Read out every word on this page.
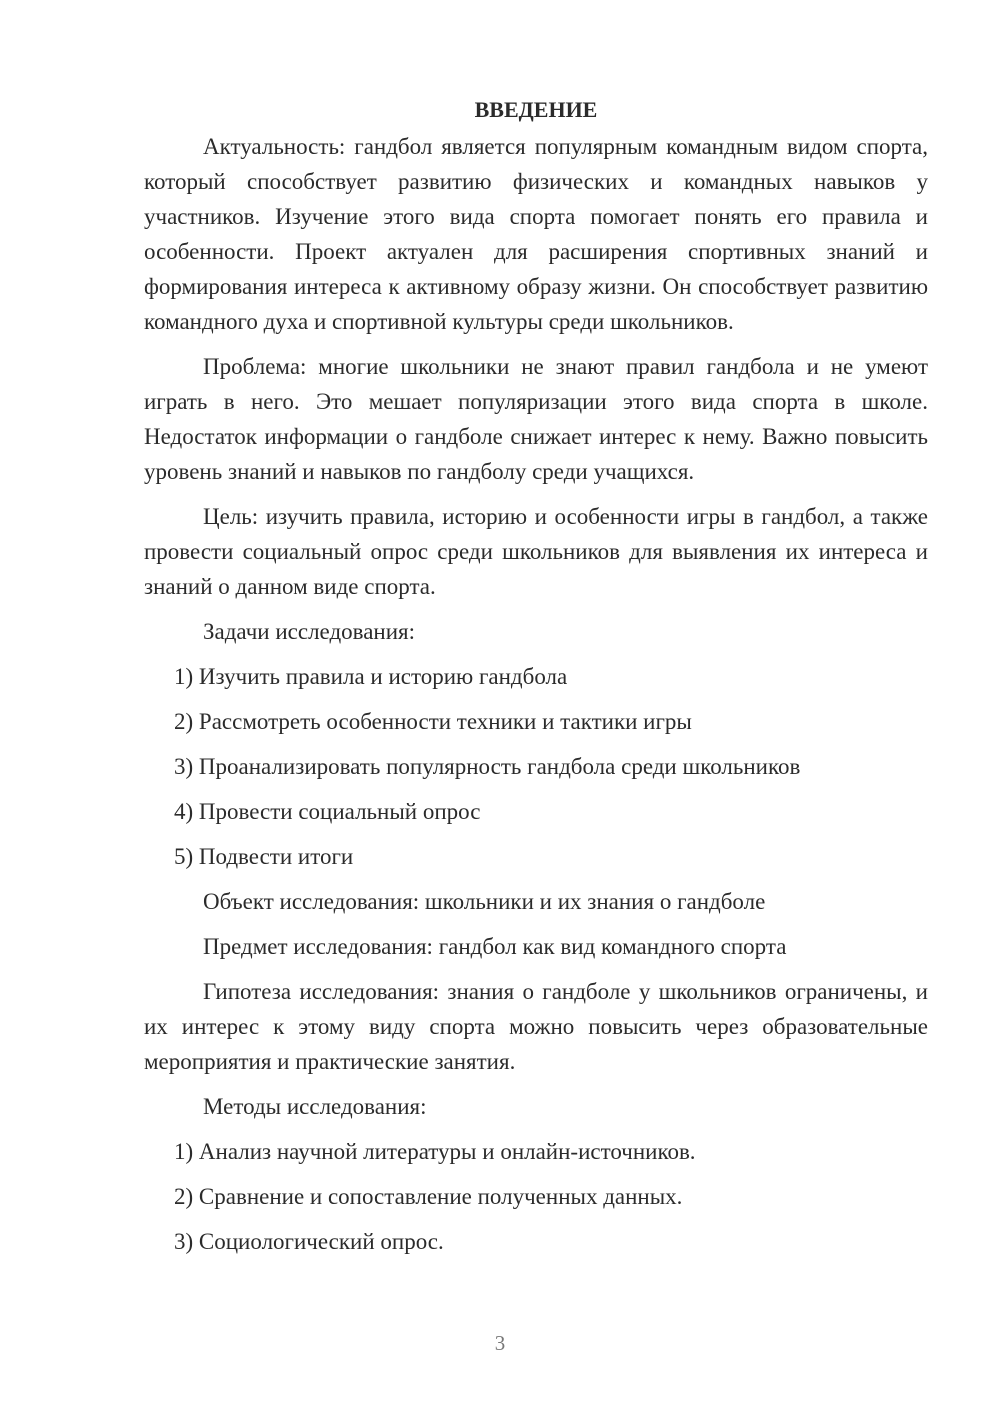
ВВЕДЕНИЕ

Актуальность: гандбол является популярным командным видом спорта, который способствует развитию физических и командных навыков у участников. Изучение этого вида спорта помогает понять его правила и особенности. Проект актуален для расширения спортивных знаний и формирования интереса к активному образу жизни. Он способствует развитию командного духа и спортивной культуры среди школьников.

Проблема: многие школьники не знают правил гандбола и не умеют играть в него. Это мешает популяризации этого вида спорта в школе. Недостаток информации о гандболе снижает интерес к нему. Важно повысить уровень знаний и навыков по гандболу среди учащихся.

Цель: изучить правила, историю и особенности игры в гандбол, а также провести социальный опрос среди школьников для выявления их интереса и знаний о данном виде спорта.

Задачи исследования:
1) Изучить правила и историю гандбола
2) Рассмотреть особенности техники и тактики игры
3) Проанализировать популярность гандбола среди школьников
4) Провести социальный опрос
5) Подвести итоги
Объект исследования: школьники и их знания о гандболе
Предмет исследования: гандбол как вид командного спорта

Гипотеза исследования: знания о гандболе у школьников ограничены, и их интерес к этому виду спорта можно повысить через образовательные мероприятия и практические занятия.

Методы исследования:
1) Анализ научной литературы и онлайн-источников.
2) Сравнение и сопоставление полученных данных.
3) Социологический опрос.
3
